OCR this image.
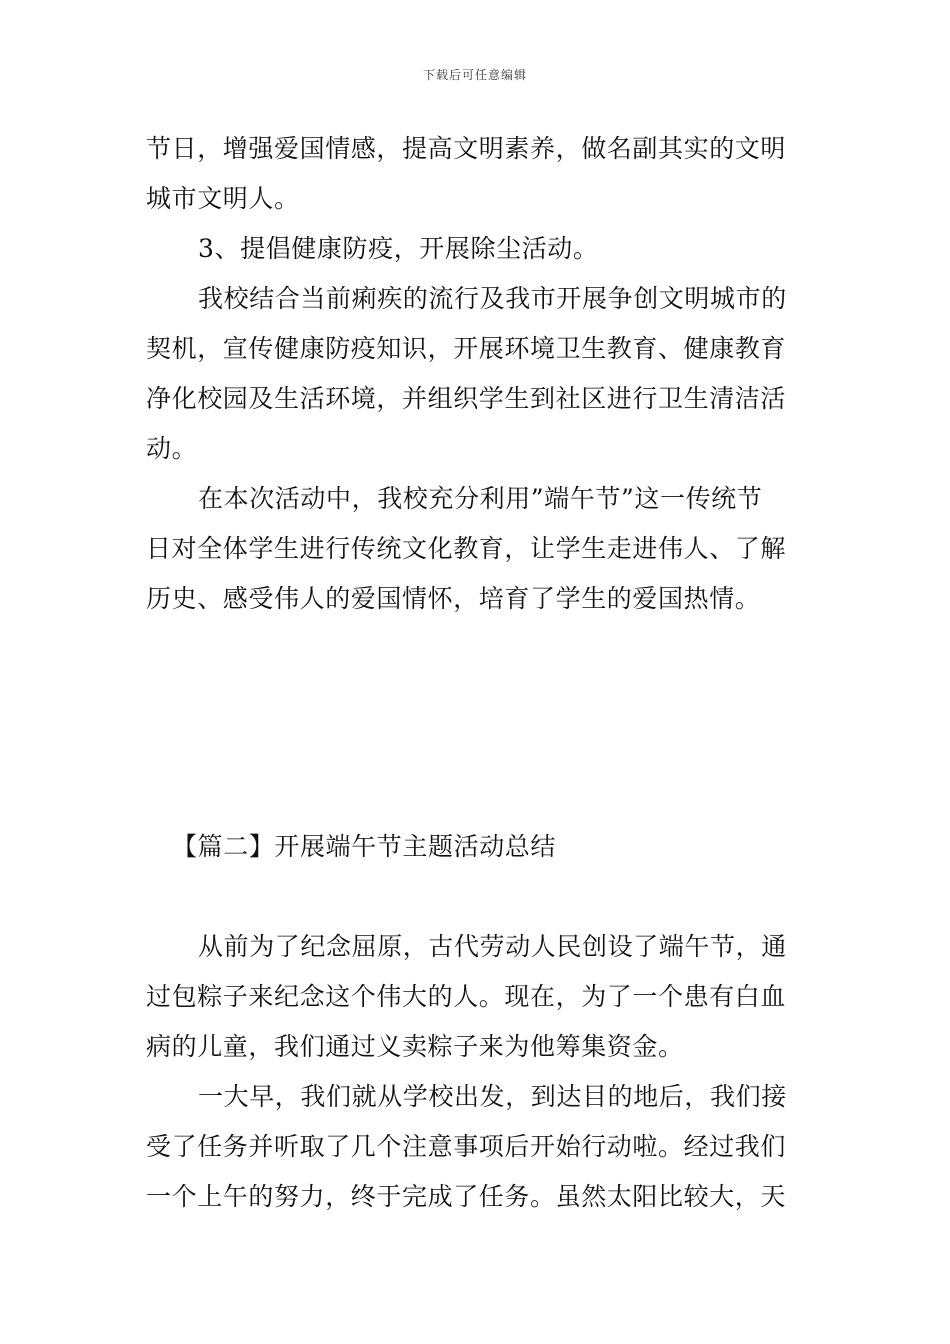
下载后可任意编辑
节日，增强爱国情感，提高文明素养，做名副其实的文明
城市文明人。
3、提倡健康防疫，开展除尘活动。
我校结合当前痢疾的流行及我市开展争创文明城市的
契机，宣传健康防疫知识，开展环境卫生教育、健康教育
净化校园及生活环境，并组织学生到社区进行卫生清洁活
动。
在本次活动中，我校充分利用”端午节”这一传统节
日对全体学生进行传统文化教育，让学生走进伟人、了解
历史、感受伟人的爱国情怀，培育了学生的爱国热情。
【篇二】开展端午节主题活动总结
从前为了纪念屈原，古代劳动人民创设了端午节，通
过包粽子来纪念这个伟大的人。现在，为了一个患有白血
病的儿童，我们通过义卖粽子来为他筹集资金。
一大早，我们就从学校出发，到达目的地后，我们接
受了任务并听取了几个注意事项后开始行动啦。经过我们
一个上午的努力，终于完成了任务。虽然太阳比较大，天
